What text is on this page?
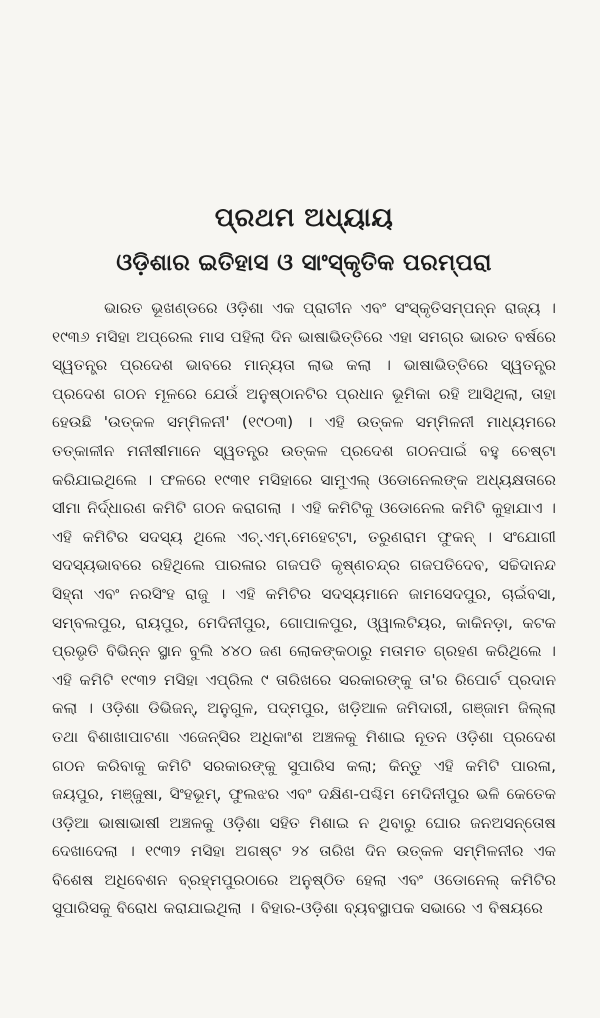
ପ୍ରଥମ ଅଧ୍ୟାୟ
ଓଡ଼ିଶାର ଇତିହାସ ଓ ସାଂସ୍କୃତିକ ପରମ୍ପରା

ଭାରତ ଭୂଖଣ୍ଡରେ ଓଡ଼ିଶା ଏକ ପ୍ରାଚୀନ ଏବଂ ସଂସ୍କୃତିସମ୍ପନ୍ନ ରାଜ୍ୟ । ୧୯୩୬ ମସିହା ଅପ୍ରେଲ ମାସ ପହିଲା ଦିନ ଭାଷାଭିତ୍ତିରେ ଏହା ସମଗ୍ର ଭାରତ ବର୍ଷରେ ସ୍ୱତନ୍ତ୍ର ପ୍ରଦେଶ ଭାବରେ ମାନ୍ୟତା ଲାଭ କଲା । ଭାଷାଭିତ୍ତିରେ ସ୍ୱତନ୍ତ୍ର ପ୍ରଦେଶ ଗଠନ ମୂଳରେ ଯେଉଁ ଅନୁଷ୍ଠାନଟିର ପ୍ରଧାନ ଭୂମିକା ରହି ଆସିଥିଲା, ତାହା ହେଉଛି 'ଉତ୍କଳ ସମ୍ମିଳନୀ' (୧୯୦୩) । ଏହି ଉତ୍କଳ ସମ୍ମିଳନୀ ମାଧ୍ୟମରେ ତତ୍କାଳୀନ ମନୀଷୀମାନେ ସ୍ୱତନ୍ତ୍ର ଉତ୍କଳ ପ୍ରଦେଶ ଗଠନପାଇଁ ବହୁ ଚେଷ୍ଟା କରିଯାଇଥିଲେ । ଫଳରେ ୧୯୩୧ ମସିହାରେ ସାମୁଏଲ୍ ଓଡୋନେଲଙ୍କ ଅଧ୍ୟକ୍ଷତାରେ ସୀମା ନିର୍ଦ୍ଧାରଣ କମିଟି ଗଠନ କରାଗଲା । ଏହି କମିଟିକୁ ଓଡୋନେଲ କମିଟି କୁହାଯାଏ । ଏହି କମିଟିର ସଦସ୍ୟ ଥିଲେ ଏଚ୍.ଏମ୍.ମେହେଟ୍ଟା, ତରୁଣରାମ ଫୁକନ୍ । ସଂଯୋଗୀ ସଦସ୍ୟଭାବରେ ରହିଥିଲେ ପାରଳାର ଗଜପତି କୃଷ୍ଣଚନ୍ଦ୍ର ଗଜପତିଦେବ, ସଚ୍ଚିଦାନନ୍ଦ ସିହ୍ନା ଏବଂ ନରସିଂହ ରାଜୁ । ଏହି କମିଟିର ସଦସ୍ୟମାନେ ଜାମସେଦପୁର, ଚାଇଁବସା, ସମ୍ବଲପୁର, ରାୟପୁର, ମେଦିନୀପୁର, ଗୋପାଳପୁର, ଓ୍ୱାଲଟିୟର, କାକିନଡ଼ା, କଟକ ପ୍ରଭୃତି ବିଭିନ୍ନ ସ୍ଥାନ ବୁଲି ୪୪୦ ଜଣ ଲୋକଙ୍କଠାରୁ ମତାମତ ଗ୍ରହଣ କରିଥିଲେ । ଏହି କମିଟି ୧୯୩୨ ମସିହା ଏପ୍ରିଲ ୯ ତାରିଖରେ ସରକାରଙ୍କୁ ତା'ର ରିପୋର୍ଟ ପ୍ରଦାନ କଲା । ଓଡ଼ିଶା ଡିଭିଜନ୍, ଅନୁଗୁଳ, ପଦ୍ମପୁର, ଖଡ଼ିଆଳ ଜମିଦାରୀ, ଗଞ୍ଜାମ ଜିଲ୍ଲା ତଥା ବିଶାଖାପାଟଣା ଏଜେନ୍ସିର ଅଧିକାଂଶ ଅଞ୍ଚଳକୁ ମିଶାଇ ନୂତନ ଓଡ଼ିଶା ପ୍ରଦେଶ ଗଠନ କରିବାକୁ କମିଟି ସରକାରଙ୍କୁ ସୁପାରିସ କଲା; କିନ୍ତୁ ଏହି କମିଟି ପାରଳା, ଜୟପୁର, ମଞ୍ଜୁଷା, ସିଂହଭୂମ୍, ଫୁଲଝର ଏବଂ ଦକ୍ଷିଣ-ପଶ୍ଚିମ ମେଦିନୀପୁର ଭଳି କେତେକ ଓଡ଼ିଆ ଭାଷାଭାଷୀ ଅଞ୍ଚଳକୁ ଓଡ଼ିଶା ସହିତ ମିଶାଇ ନ ଥିବାରୁ ଘୋର ଜନଅସନ୍ତୋଷ ଦେଖାଦେଲା । ୧୯୩୨ ମସିହା ଅଗଷ୍ଟ ୨୪ ତାରିଖ ଦିନ ଉତ୍କଳ ସମ୍ମିଳନୀର ଏକ ବିଶେଷ ଅଧିବେଶନ ବ୍ରହ୍ମପୁରଠାରେ ଅନୁଷ୍ଠିତ ହେଲା ଏବଂ ଓଡୋନେଲ୍ କମିଟିର ସୁପାରିସକୁ ବିରୋଧ କରାଯାଇଥିଲା । ବିହାର-ଓଡ଼ିଶା ବ୍ୟବସ୍ଥାପକ ସଭାରେ ଏ ବିଷୟରେ
